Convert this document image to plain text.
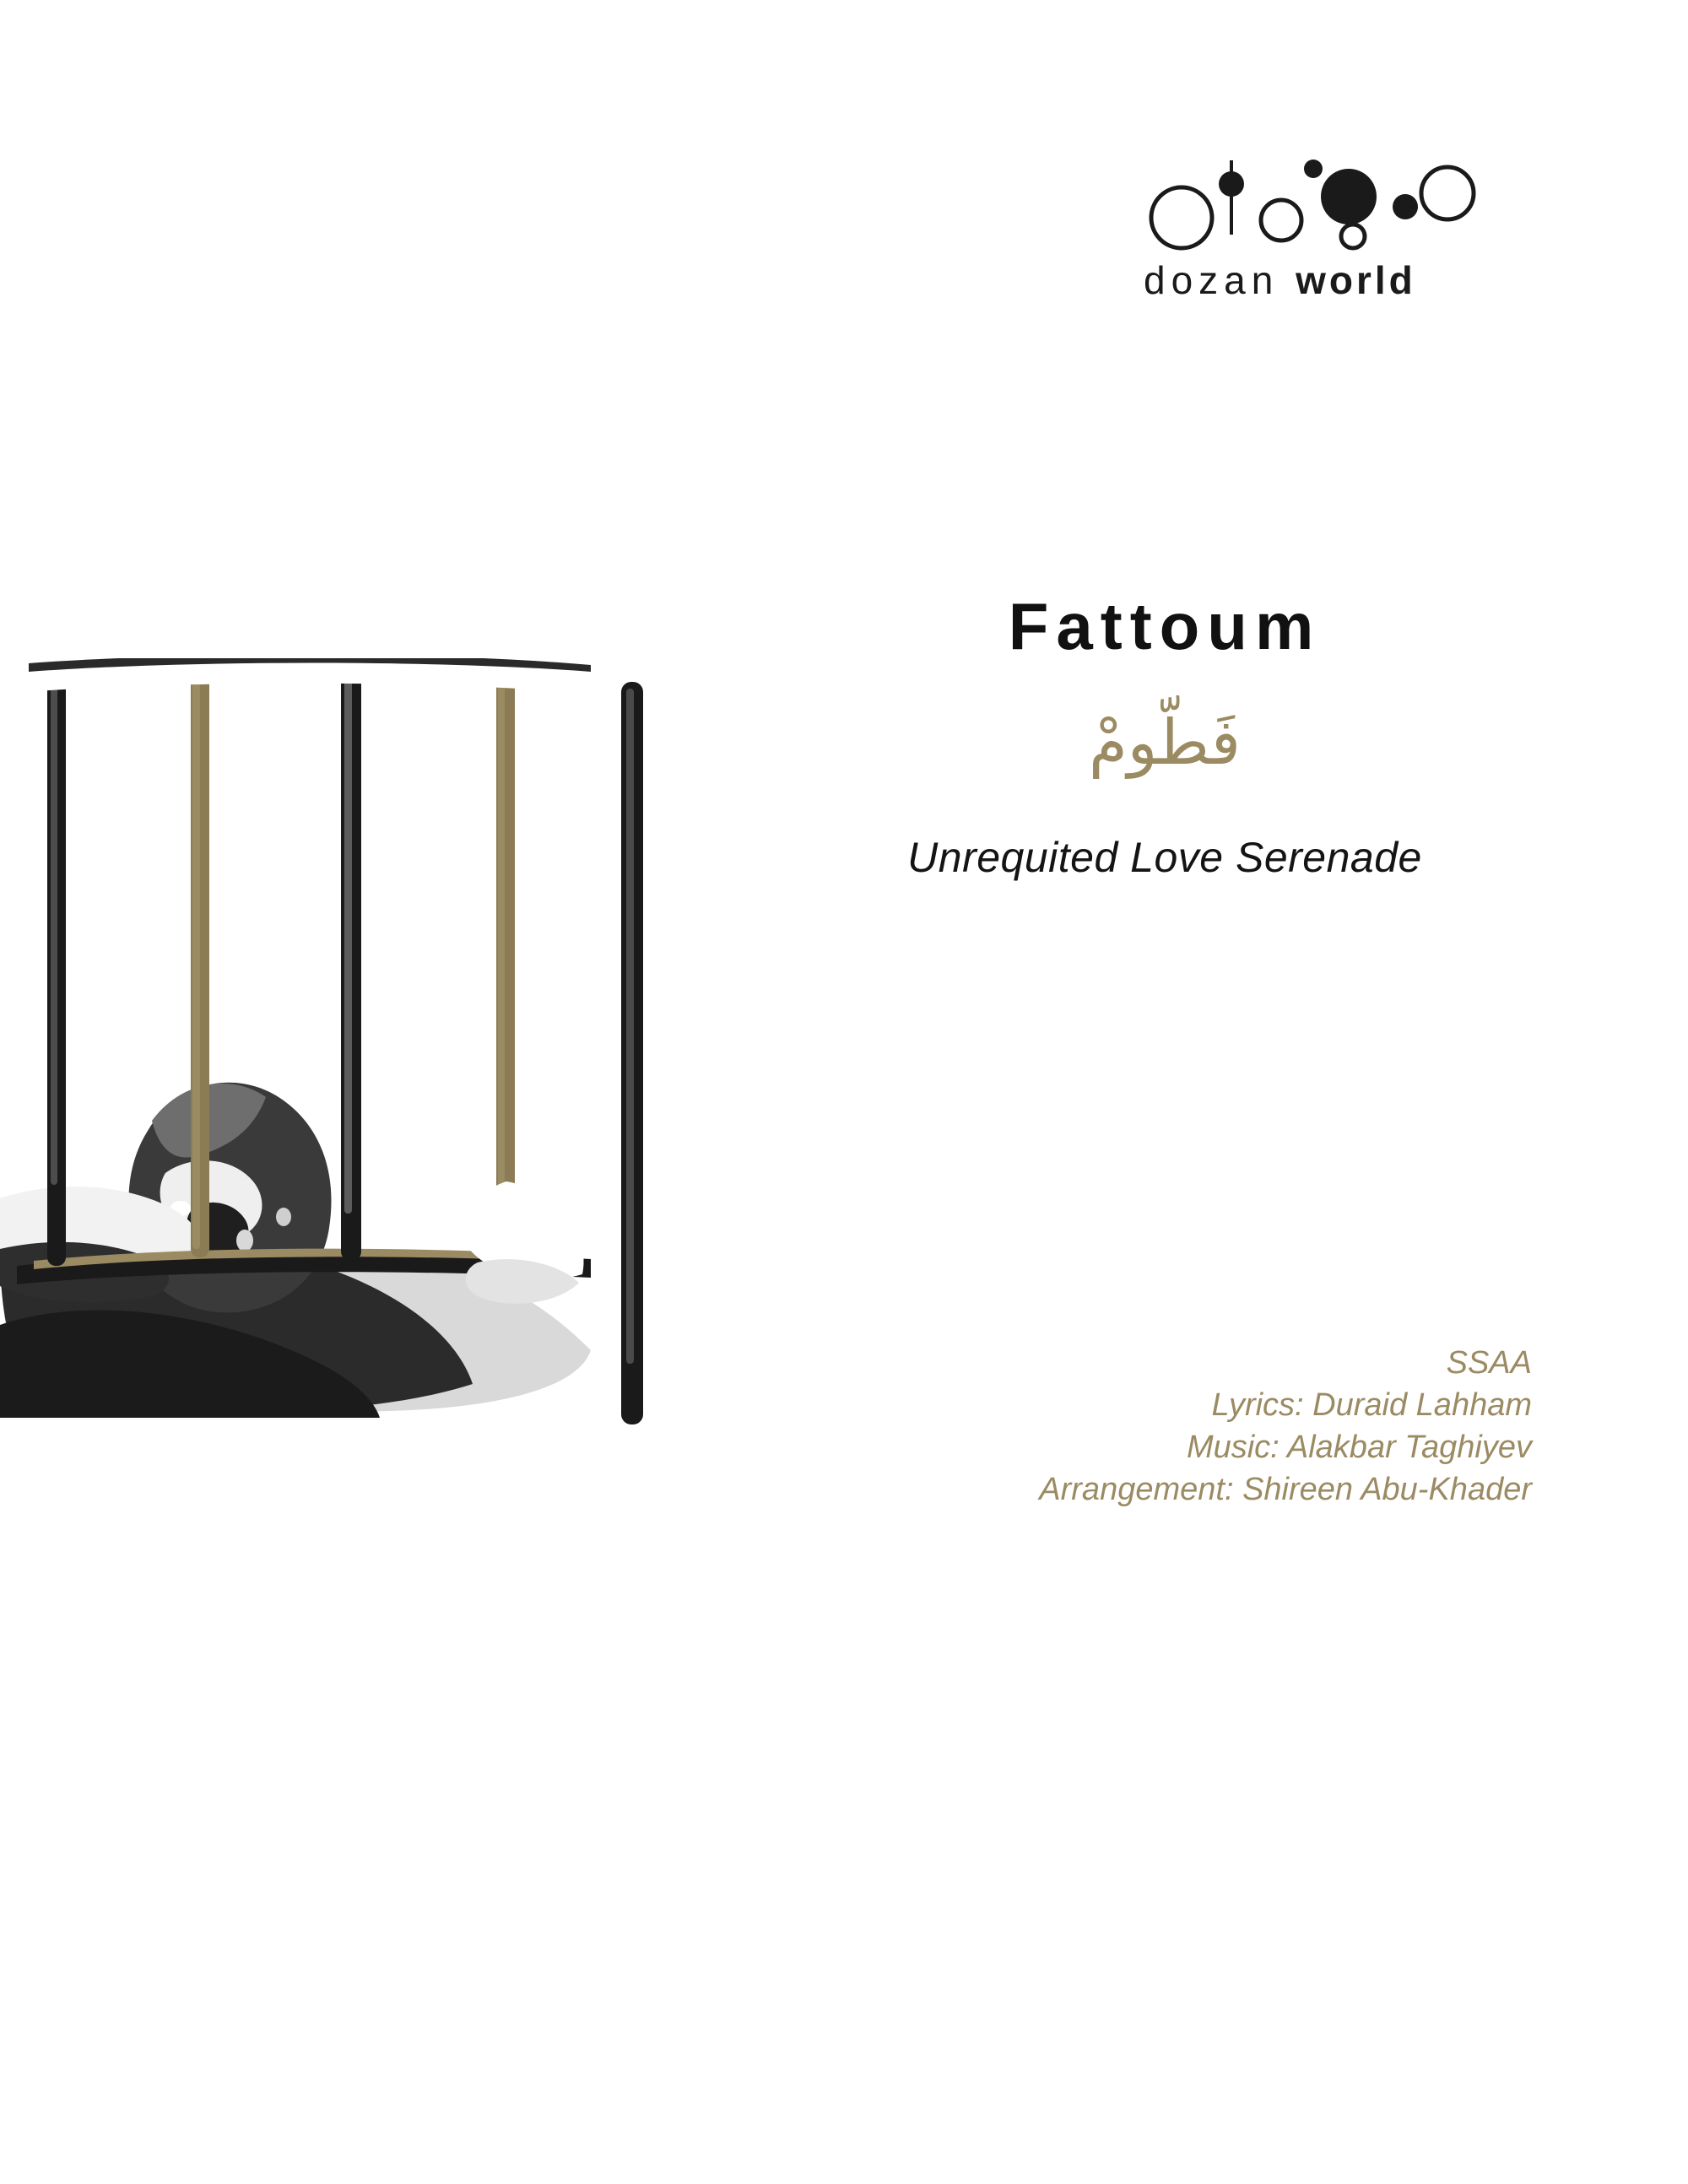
dozan world
Fattoum
فَطّومْ
Unrequited Love Serenade
SSAA
Lyrics: Duraid Lahham
Music: Alakbar Taghiyev
Arrangement: Shireen Abu-Khader
